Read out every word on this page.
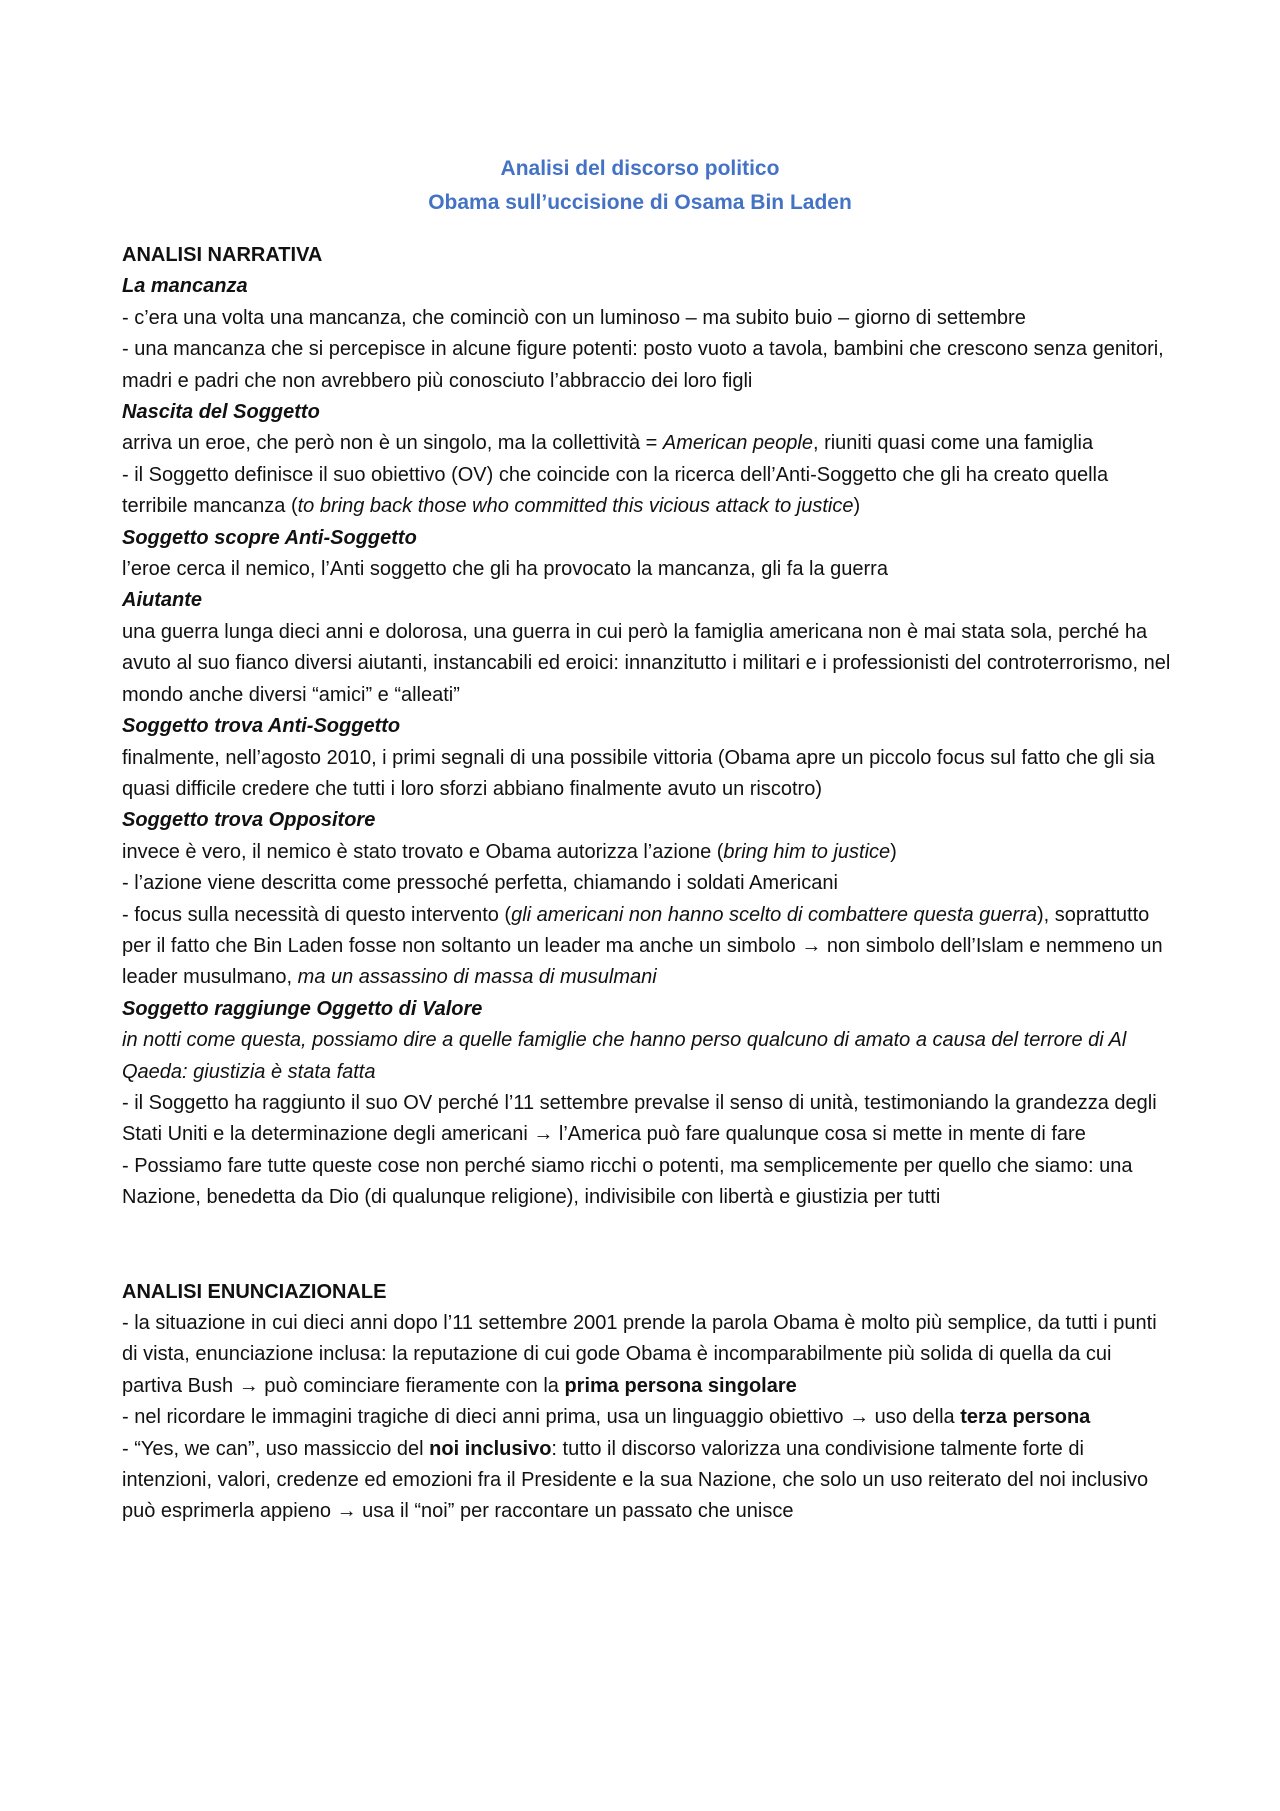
Analisi del discorso politico
Obama sull’uccisione di Osama Bin Laden

ANALISI NARRATIVA

La mancanza

- c’era una volta una mancanza, che cominciò con un luminoso – ma subito buio – giorno di settembre

- una mancanza che si percepisce in alcune figure potenti: posto vuoto a tavola, bambini che crescono senza genitori, madri e padri che non avrebbero più conosciuto l’abbraccio dei loro figli

Nascita del Soggetto

arriva un eroe, che però non è un singolo, ma la collettività = American people, riuniti quasi come una famiglia

- il Soggetto definisce il suo obiettivo (OV) che coincide con la ricerca dell’Anti-Soggetto che gli ha creato quella terribile mancanza (to bring back those who committed this vicious attack to justice)

Soggetto scopre Anti-Soggetto

l’eroe cerca il nemico, l’Anti soggetto che gli ha provocato la mancanza, gli fa la guerra

Aiutante

una guerra lunga dieci anni e dolorosa, una guerra in cui però la famiglia americana non è mai stata sola, perché ha avuto al suo fianco diversi aiutanti, instancabili ed eroici: innanzitutto i militari e i professionisti del controterrorismo, nel mondo anche diversi “amici” e “alleati”

Soggetto trova Anti-Soggetto

finalmente, nell’agosto 2010, i primi segnali di una possibile vittoria (Obama apre un piccolo focus sul fatto che gli sia quasi difficile credere che tutti i loro sforzi abbiano finalmente avuto un riscotro)

Soggetto trova Oppositore

invece è vero, il nemico è stato trovato e Obama autorizza l’azione (bring him to justice)

- l’azione viene descritta come pressoché perfetta, chiamando i soldati Americani

- focus sulla necessità di questo intervento (gli americani non hanno scelto di combattere questa guerra), soprattutto per il fatto che Bin Laden fosse non soltanto un leader ma anche un simbolo → non simbolo dell’Islam e nemmeno un leader musulmano, ma un assassino di massa di musulmani

Soggetto raggiunge Oggetto di Valore

in notti come questa, possiamo dire a quelle famiglie che hanno perso qualcuno di amato a causa del terrore di Al Qaeda: giustizia è stata fatta

- il Soggetto ha raggiunto il suo OV perché l’11 settembre prevalse il senso di unità, testimoniando la grandezza degli Stati Uniti e la determinazione degli americani → l’America può fare qualunque cosa si mette in mente di fare

- Possiamo fare tutte queste cose non perché siamo ricchi o potenti, ma semplicemente per quello che siamo: una Nazione, benedetta da Dio (di qualunque religione), indivisibile con libertà e giustizia per tutti

ANALISI ENUNCIAZIONALE

- la situazione in cui dieci anni dopo l’11 settembre 2001 prende la parola Obama è molto più semplice, da tutti i punti di vista, enunciazione inclusa: la reputazione di cui gode Obama è incomparabilmente più solida di quella da cui partiva Bush → può cominciare fieramente con la prima persona singolare

- nel ricordare le immagini tragiche di dieci anni prima, usa un linguaggio obiettivo → uso della terza persona

- “Yes, we can”, uso massiccio del noi inclusivo: tutto il discorso valorizza una condivisione talmente forte di intenzioni, valori, credenze ed emozioni fra il Presidente e la sua Nazione, che solo un uso reiterato del noi inclusivo può esprimerla appieno → usa il “noi” per raccontare un passato che unisce
